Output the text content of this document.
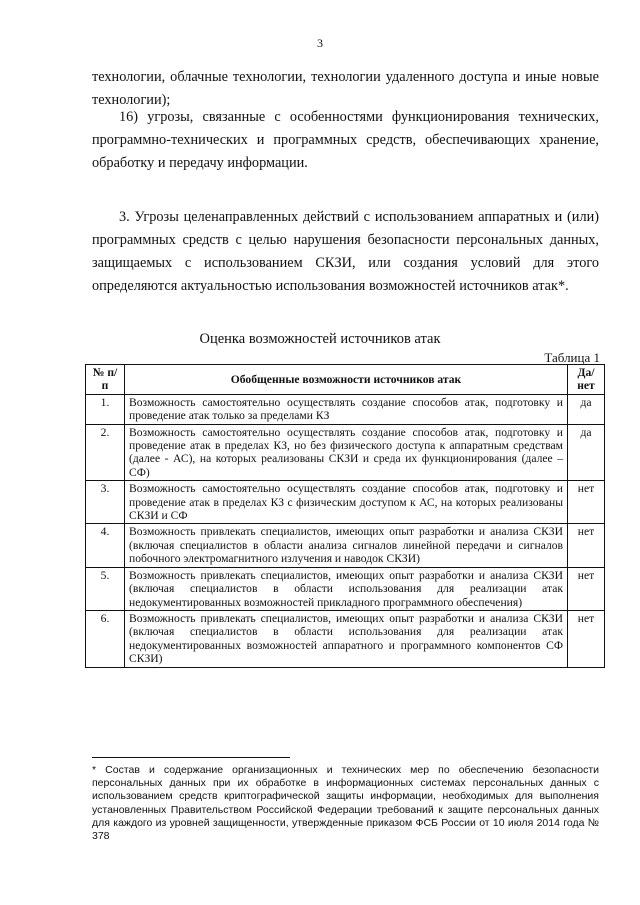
3

технологии, облачные технологии, технологии удаленного доступа и иные новые технологии);

16) угрозы, связанные с особенностями функционирования технических, программно-технических и программных средств, обеспечивающих хранение, обработку и передачу информации.

3. Угрозы целенаправленных действий с использованием аппаратных и (или) программных средств с целью нарушения безопасности персональных данных, защищаемых с использованием СКЗИ, или создания условий для этого определяются актуальностью использования возможностей источников атак*.

Оценка возможностей источников атак
Таблица 1
№ п/п	Обобщенные возможности источников атак	Да/ нет
1.	Возможность самостоятельно осуществлять создание способов атак, подготовку и проведение атак только за пределами КЗ	да
2.	Возможность самостоятельно осуществлять создание способов атак, подготовку и проведение атак в пределах КЗ, но без физического доступа к аппаратным средствам (далее - АС), на которых реализованы СКЗИ и среда их функционирования (далее – СФ)	да
3.	Возможность самостоятельно осуществлять создание способов атак, подготовку и проведение атак в пределах КЗ с физическим доступом к АС, на которых реализованы СКЗИ и СФ	нет
4.	Возможность привлекать специалистов, имеющих опыт разработки и анализа СКЗИ (включая специалистов в области анализа сигналов линейной передачи и сигналов побочного электромагнитного излучения и наводок СКЗИ)	нет
5.	Возможность привлекать специалистов, имеющих опыт разработки и анализа СКЗИ (включая специалистов в области использования для реализации атак недокументированных возможностей прикладного программного обеспечения)	нет
6.	Возможность привлекать специалистов, имеющих опыт разработки и анализа СКЗИ (включая специалистов в области использования для реализации атак недокументированных возможностей аппаратного и программного компонентов СФ СКЗИ)	нет

* Состав и содержание организационных и технических мер по обеспечению безопасности персональных данных при их обработке в информационных системах персональных данных с использованием средств криптографической защиты информации, необходимых для выполнения установленных Правительством Российской Федерации требований к защите персональных данных для каждого из уровней защищенности, утвержденные приказом ФСБ России от 10 июля 2014 года № 378
